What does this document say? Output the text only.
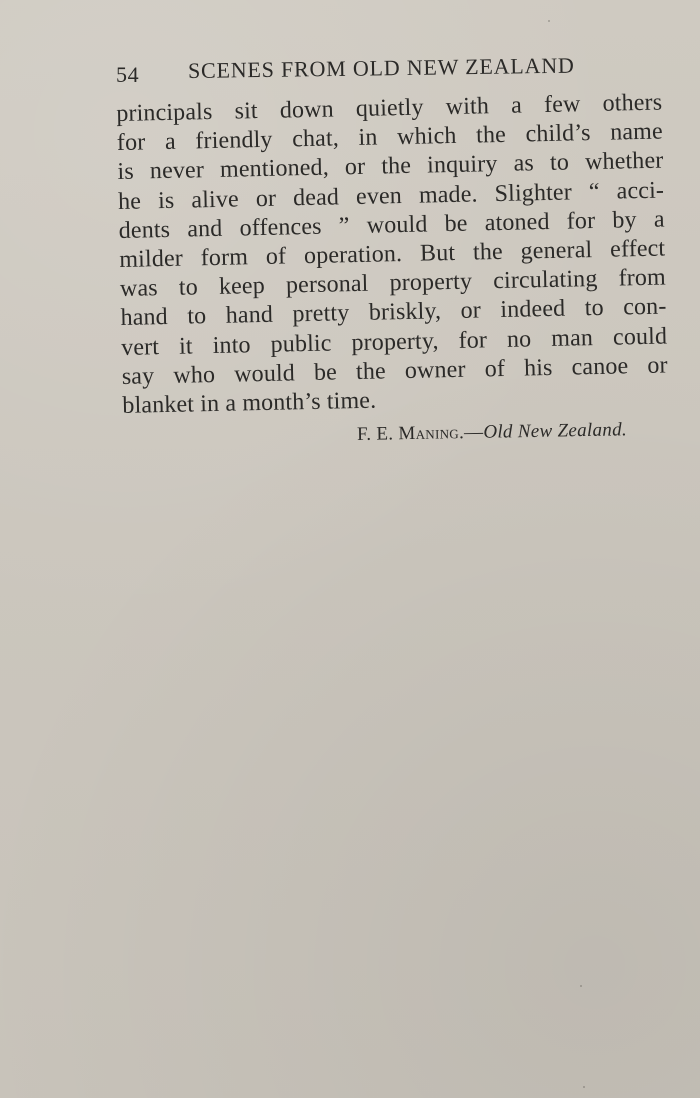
54 SCENES FROM OLD NEW ZEALAND
principals sit down quietly with a few others
for a friendly chat, in which the child’s name
is never mentioned, or the inquiry as to whether
he is alive or dead even made. Slighter “ acci-
dents and offences ” would be atoned for by a
milder form of operation. But the general effect
was to keep personal property circulating from
hand to hand pretty briskly, or indeed to con-
vert it into public property, for no man could
say who would be the owner of his canoe or
blanket in a month’s time.
F. E. Maning.—Old New Zealand.
